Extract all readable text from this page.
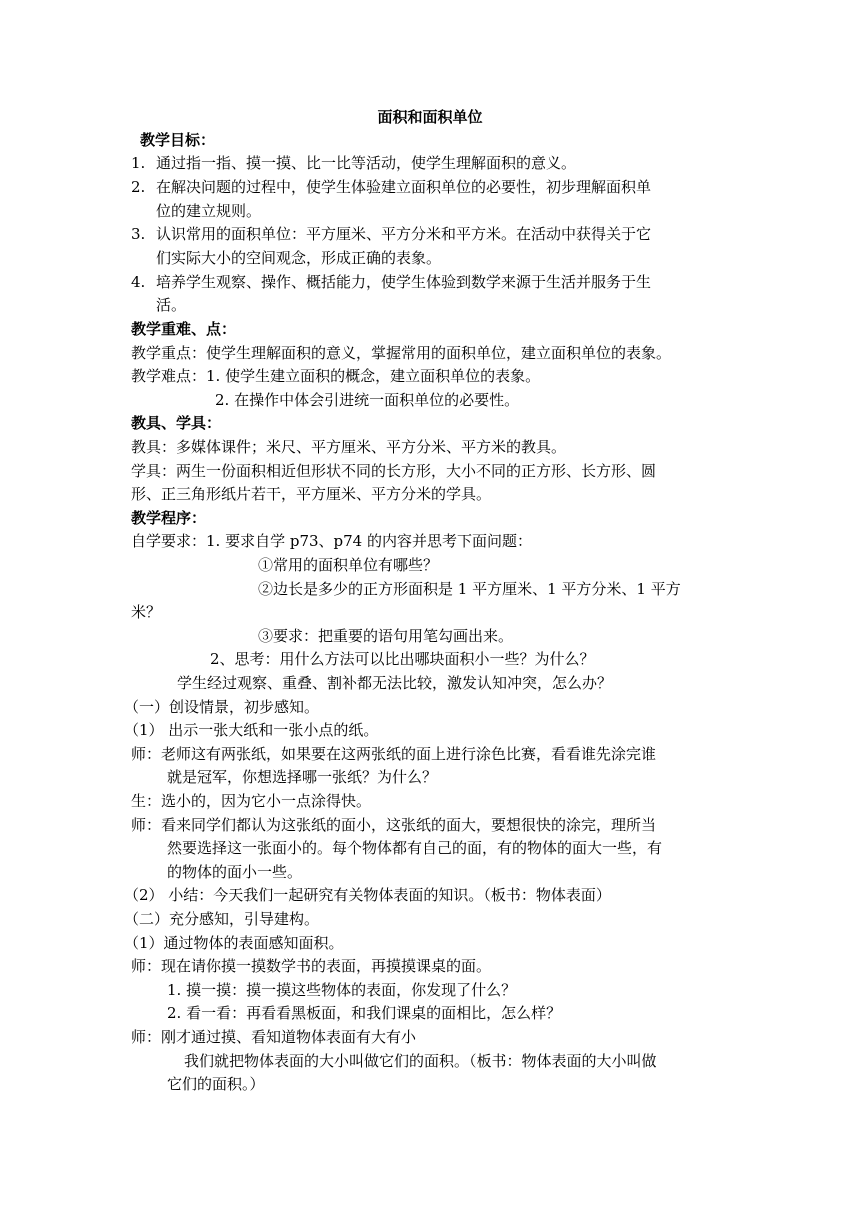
面积和面积单位
教学目标：
1. 通过指一指、摸一摸、比一比等活动，使学生理解面积的意义。
2. 在解决问题的过程中，使学生体验建立面积单位的必要性，初步理解面积单
位的建立规则。
3. 认识常用的面积单位：平方厘米、平方分米和平方米。在活动中获得关于它
们实际大小的空间观念，形成正确的表象。
4. 培养学生观察、操作、概括能力，使学生体验到数学来源于生活并服务于生
活。
教学重难、点：
教学重点：使学生理解面积的意义，掌握常用的面积单位，建立面积单位的表象。
教学难点：1. 使学生建立面积的概念，建立面积单位的表象。
2. 在操作中体会引进统一面积单位的必要性。
教具、学具：
教具：多媒体课件；米尺、平方厘米、平方分米、平方米的教具。
学具：两生一份面积相近但形状不同的长方形，大小不同的正方形、长方形、圆
形、正三角形纸片若干，平方厘米、平方分米的学具。
教学程序：
自学要求：1. 要求自学 p73、p74 的内容并思考下面问题：
①常用的面积单位有哪些？
②边长是多少的正方形面积是 1 平方厘米、1 平方分米、1 平方
米？
③要求：把重要的语句用笔勾画出来。
2、思考：用什么方法可以比出哪块面积小一些？为什么？
学生经过观察、重叠、割补都无法比较，激发认知冲突，怎么办？
（一）创设情景，初步感知。
（1） 出示一张大纸和一张小点的纸。
师：老师这有两张纸，如果要在这两张纸的面上进行涂色比赛，看看谁先涂完谁
就是冠军，你想选择哪一张纸？为什么？
生：选小的，因为它小一点涂得快。
师：看来同学们都认为这张纸的面小，这张纸的面大，要想很快的涂完，理所当
然要选择这一张面小的。每个物体都有自己的面，有的物体的面大一些，有
的物体的面小一些。
（2） 小结：今天我们一起研究有关物体表面的知识。（板书：物体表面）
（二）充分感知，引导建构。
（1）通过物体的表面感知面积。
师：现在请你摸一摸数学书的表面，再摸摸课桌的面。
1. 摸一摸：摸一摸这些物体的表面，你发现了什么？
2. 看一看：再看看黑板面，和我们课桌的面相比，怎么样？
师：刚才通过摸、看知道物体表面有大有小
我们就把物体表面的大小叫做它们的面积。（板书：物体表面的大小叫做
它们的面积。）
